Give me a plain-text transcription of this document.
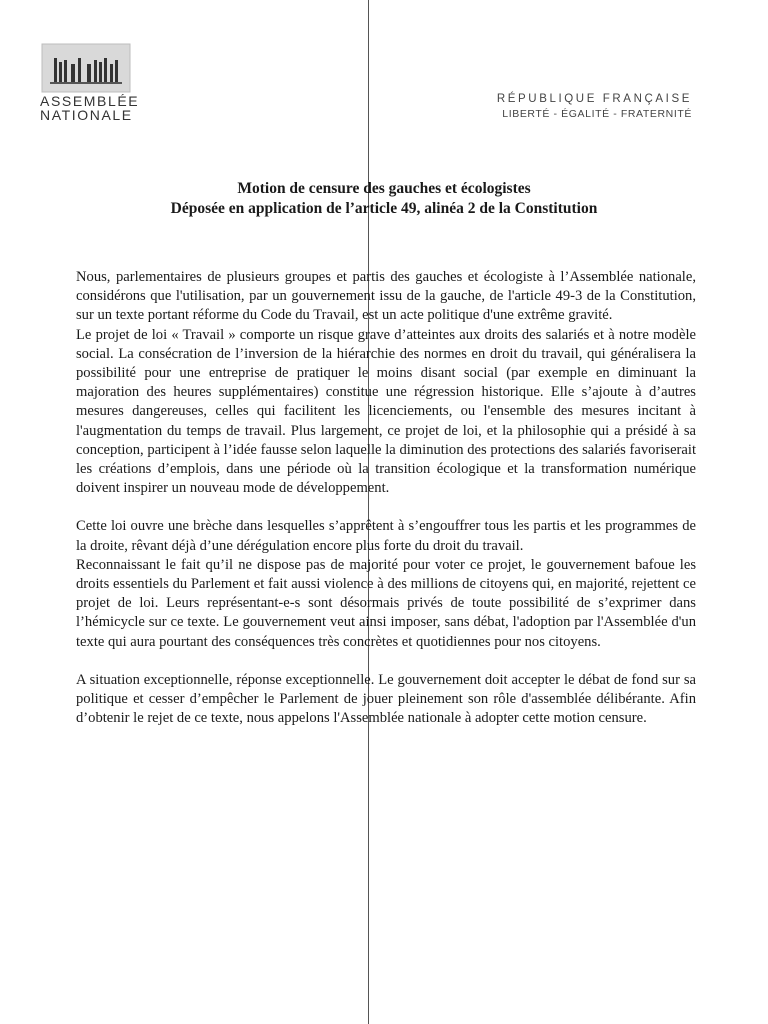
ASSEMBLÉE
NATIONALE
RÉPUBLIQUE FRANÇAISE
LIBERTÉ - ÉGALITÉ - FRATERNITÉ
Motion de censure des gauches et écologistes
Déposée en application de l’article 49, alinéa 2 de la Constitution

Nous, parlementaires de plusieurs groupes et partis des gauches et écologiste à l’Assemblée nationale, considérons que l'utilisation, par un gouvernement issu de la gauche, de l'article 49-3 de la Constitution, sur un texte portant réforme du Code du Travail, est un acte politique d'une extrême gravité.

Le projet de loi « Travail » comporte un risque grave d’atteintes aux droits des salariés et à notre modèle social. La consécration de l’inversion de la hiérarchie des normes en droit du travail, qui généralisera la possibilité pour une entreprise de pratiquer le moins disant social (par exemple en diminuant la majoration des heures supplémentaires) constitue une régression historique. Elle s’ajoute à d’autres mesures dangereuses, celles qui facilitent les licenciements, ou l'ensemble des mesures incitant à l'augmentation du temps de travail. Plus largement, ce projet de loi, et la philosophie qui a présidé à sa conception, participent à l’idée fausse selon laquelle la diminution des protections des salariés favoriserait les créations d’emplois, dans une période où la transition écologique et la transformation numérique doivent inspirer un nouveau mode de développement.

Cette loi ouvre une brèche dans lesquelles s’apprêtent à s’engouffrer tous les partis et les programmes de la droite, rêvant déjà d’une dérégulation encore plus forte du droit du travail.

Reconnaissant le fait qu’il ne dispose pas de majorité pour voter ce projet, le gouvernement bafoue les droits essentiels du Parlement et fait aussi violence à des millions de citoyens qui, en majorité, rejettent ce projet de loi. Leurs représentant-e-s sont désormais privés de toute possibilité de s’exprimer dans l’hémicycle sur ce texte. Le gouvernement veut ainsi imposer, sans débat, l'adoption par l'Assemblée d'un texte qui aura pourtant des conséquences très concrètes et quotidiennes pour nos citoyens.

A situation exceptionnelle, réponse exceptionnelle. Le gouvernement doit accepter le débat de fond sur sa politique et cesser d’empêcher le Parlement de jouer pleinement son rôle d'assemblée délibérante. Afin d’obtenir le rejet de ce texte, nous appelons l'Assemblée nationale à adopter cette motion censure.
